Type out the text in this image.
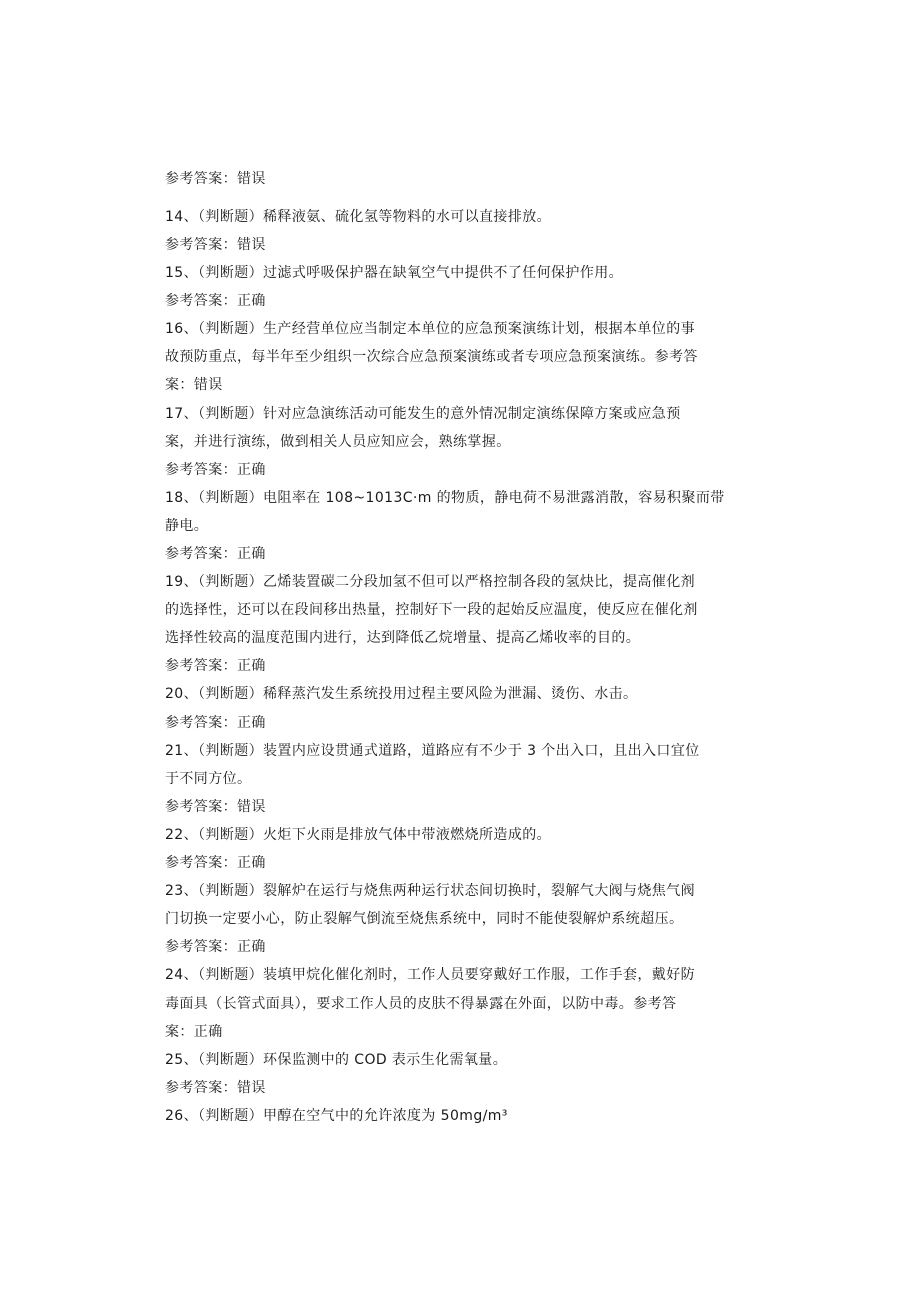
参考答案：错误
14、（判断题）稀释液氨、硫化氢等物料的水可以直接排放。
参考答案：错误
15、（判断题）过滤式呼吸保护器在缺氧空气中提供不了任何保护作用。
参考答案：正确
16、（判断题）生产经营单位应当制定本单位的应急预案演练计划，根据本单位的事
故预防重点，每半年至少组织一次综合应急预案演练或者专项应急预案演练。参考答
案：错误
17、（判断题）针对应急演练活动可能发生的意外情况制定演练保障方案或应急预
案，并进行演练，做到相关人员应知应会，熟练掌握。
参考答案：正确
18、（判断题）电阻率在 108~1013C·m 的物质，静电荷不易泄露消散，容易积聚而带
静电。
参考答案：正确
19、（判断题）乙烯装置碳二分段加氢不但可以严格控制各段的氢炔比，提高催化剂
的选择性，还可以在段间移出热量，控制好下一段的起始反应温度，使反应在催化剂
选择性较高的温度范围内进行，达到降低乙烷增量、提高乙烯收率的目的。
参考答案：正确
20、（判断题）稀释蒸汽发生系统投用过程主要风险为泄漏、烫伤、水击。
参考答案：正确
21、（判断题）装置内应设贯通式道路，道路应有不少于 3 个出入口，且出入口宜位
于不同方位。
参考答案：错误
22、（判断题）火炬下火雨是排放气体中带液燃烧所造成的。
参考答案：正确
23、（判断题）裂解炉在运行与烧焦两种运行状态间切换时，裂解气大阀与烧焦气阀
门切换一定要小心，防止裂解气倒流至烧焦系统中，同时不能使裂解炉系统超压。
参考答案：正确
24、（判断题）装填甲烷化催化剂时，工作人员要穿戴好工作服，工作手套，戴好防
毒面具（长管式面具），要求工作人员的皮肤不得暴露在外面，以防中毒。参考答
案：正确
25、（判断题）环保监测中的 COD 表示生化需氧量。
参考答案：错误
26、（判断题）甲醇在空气中的允许浓度为 50mg∕m³
